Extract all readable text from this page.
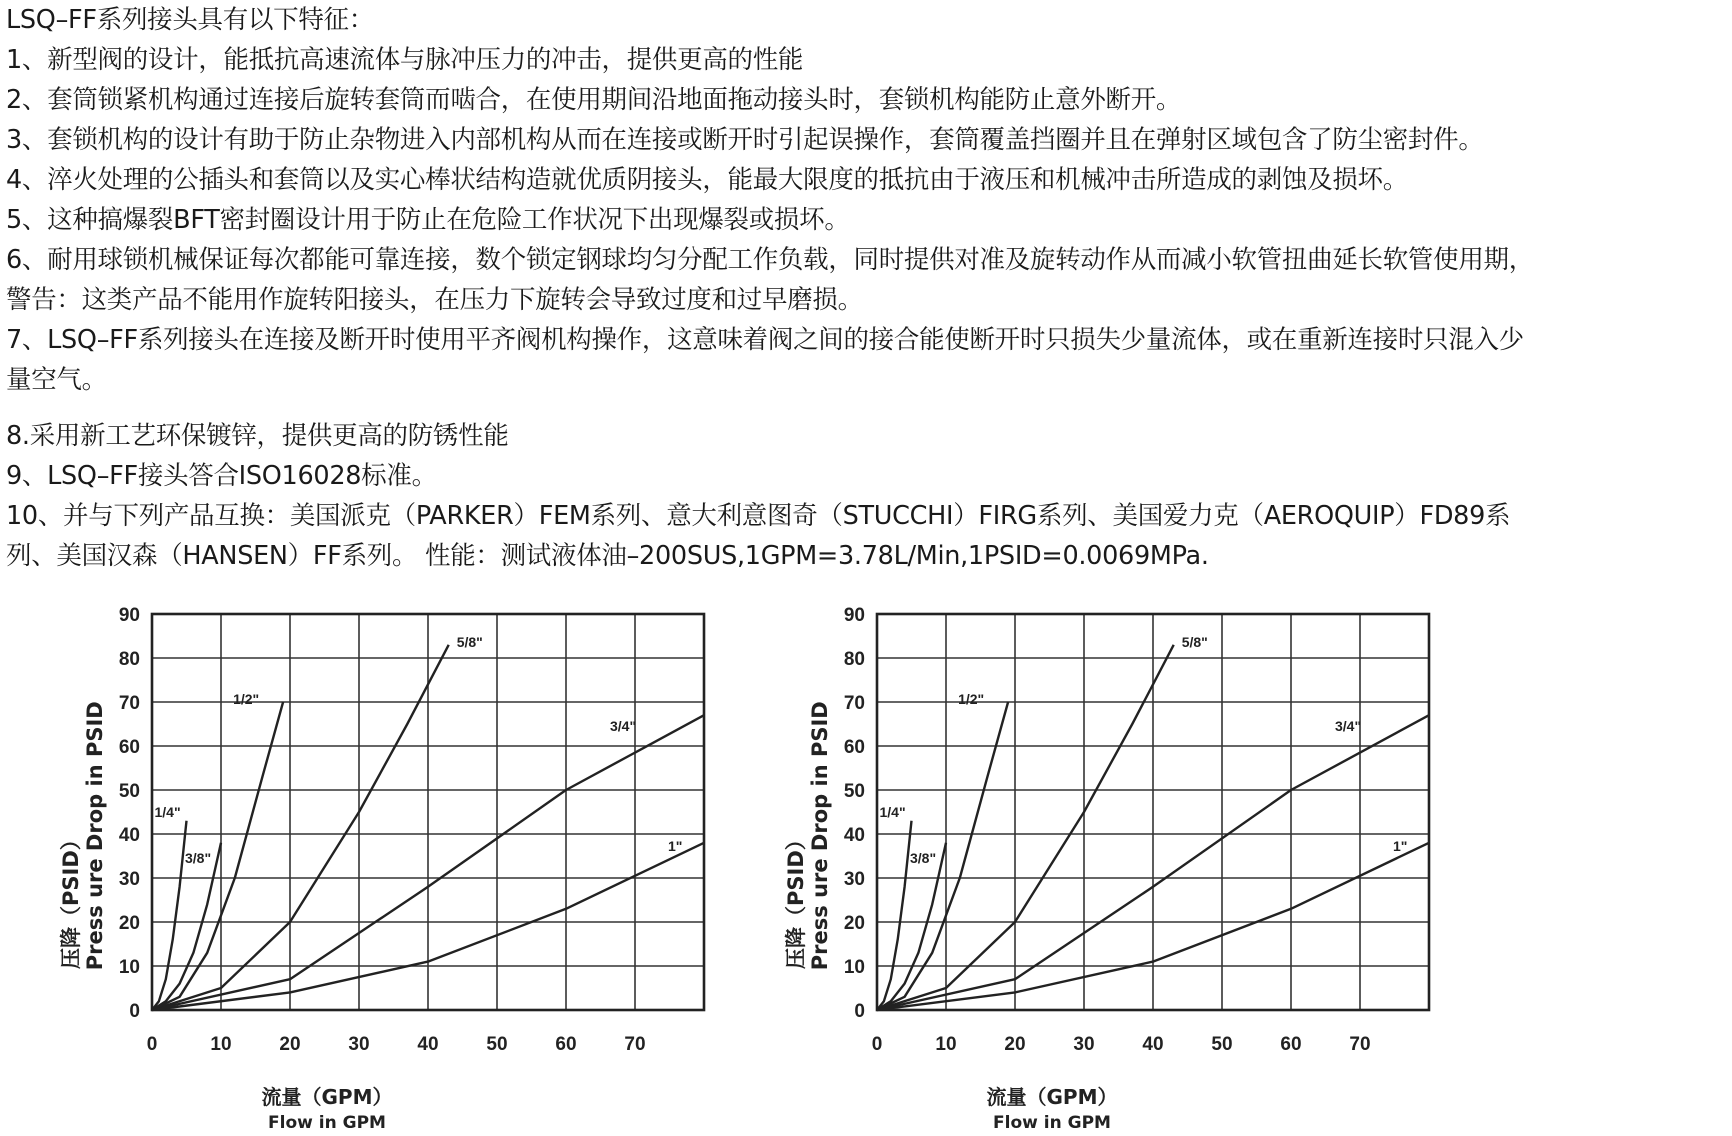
LSQ–FF系列接头具有以下特征：
1、新型阀的设计，能抵抗高速流体与脉冲压力的冲击，提供更高的性能
2、套筒锁紧机构通过连接后旋转套筒而啮合，在使用期间沿地面拖动接头时，套锁机构能防止意外断开。
3、套锁机构的设计有助于防止杂物进入内部机构从而在连接或断开时引起误操作，套筒覆盖挡圈并且在弹射区域包含了防尘密封件。
4、淬火处理的公插头和套筒以及实心棒状结构造就优质阴接头，能最大限度的抵抗由于液压和机械冲击所造成的剥蚀及损坏。
5、这种搞爆裂BFT密封圈设计用于防止在危险工作状况下出现爆裂或损坏。
6、耐用球锁机械保证每次都能可靠连接，数个锁定钢球均匀分配工作负载，同时提供对准及旋转动作从而减小软管扭曲延长软管使用期，
警告：这类产品不能用作旋转阳接头，在压力下旋转会导致过度和过早磨损。
7、LSQ–FF系列接头在连接及断开时使用平齐阀机构操作，这意味着阀之间的接合能使断开时只损失少量流体，或在重新连接时只混入少
量空气。
8.采用新工艺环保镀锌，提供更高的防锈性能
9、LSQ–FF接头答合ISO16028标准。
10、并与下列产品互换：美国派克（PARKER）FEM系列、意大利意图奇（STUCCHI）FIRG系列、美国爱力克（AEROQUIP）FD89系
列、美国汉森（HANSEN）FF系列。 性能：测试液体油–200SUS,1GPM=3.78L/Min,1PSID=0.0069MPa.
0	10	20	30	40	50	60	70
0
10
20
30
40
50
60
70
80
90
流量（GPM）
Flow in GPM
压降（PSID） Press ure Drop in PSID	1/4"
3/8"
1/2"
5/8"
3/4"
1"
0	10	20	30	40	50	60	70
0
10
20
30
40
50
60
70
80
90
流量（GPM）
Flow in GPM
压降（PSID） Press ure Drop in PSID	1/4"
3/8"
1/2"
5/8"
3/4"
1"
